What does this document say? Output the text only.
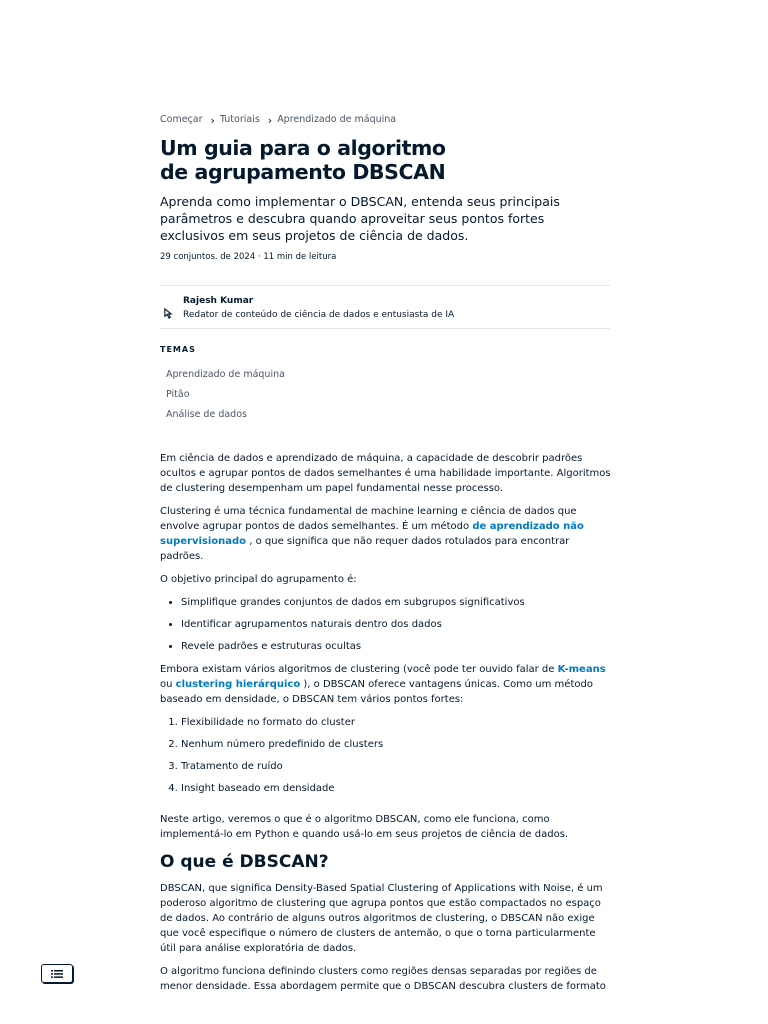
Começar › Tutoriais › Aprendizado de máquina
Um guia para o algoritmo
de agrupamento DBSCAN

Aprenda como implementar o DBSCAN, entenda seus principais parâmetros e descubra quando aproveitar seus pontos fortes exclusivos em seus projetos de ciência de dados.

29 conjuntos. de 2024 · 11 min de leitura
Rajesh Kumar
Redator de conteúdo de ciência de dados e entusiasta de IA
TEMAS
Aprendizado de máquina
Pitão
Análise de dados

Em ciência de dados e aprendizado de máquina, a capacidade de descobrir padrões ocultos e agrupar pontos de dados semelhantes é uma habilidade importante. Algoritmos de clustering desempenham um papel fundamental nesse processo.

Clustering é uma técnica fundamental de machine learning e ciência de dados que envolve agrupar pontos de dados semelhantes. É um método de aprendizado não supervisionado , o que significa que não requer dados rotulados para encontrar padrões.

O objetivo principal do agrupamento é:

• Simplifique grandes conjuntos de dados em subgrupos significativos
• Identificar agrupamentos naturais dentro dos dados
• Revele padrões e estruturas ocultas

Embora existam vários algoritmos de clustering (você pode ter ouvido falar de K-means ou clustering hierárquico ), o DBSCAN oferece vantagens únicas. Como um método baseado em densidade, o DBSCAN tem vários pontos fortes:

1. Flexibilidade no formato do cluster
2. Nenhum número predefinido de clusters
3. Tratamento de ruído
4. Insight baseado em densidade

Neste artigo, veremos o que é o algoritmo DBSCAN, como ele funciona, como implementá-lo em Python e quando usá-lo em seus projetos de ciência de dados.

O que é DBSCAN?

DBSCAN, que significa Density-Based Spatial Clustering of Applications with Noise, é um poderoso algoritmo de clustering que agrupa pontos que estão compactados no espaço de dados. Ao contrário de alguns outros algoritmos de clustering, o DBSCAN não exige que você especifique o número de clusters de antemão, o que o torna particularmente útil para análise exploratória de dados.

O algoritmo funciona definindo clusters como regiões densas separadas por regiões de menor densidade. Essa abordagem permite que o DBSCAN descubra clusters de formato
